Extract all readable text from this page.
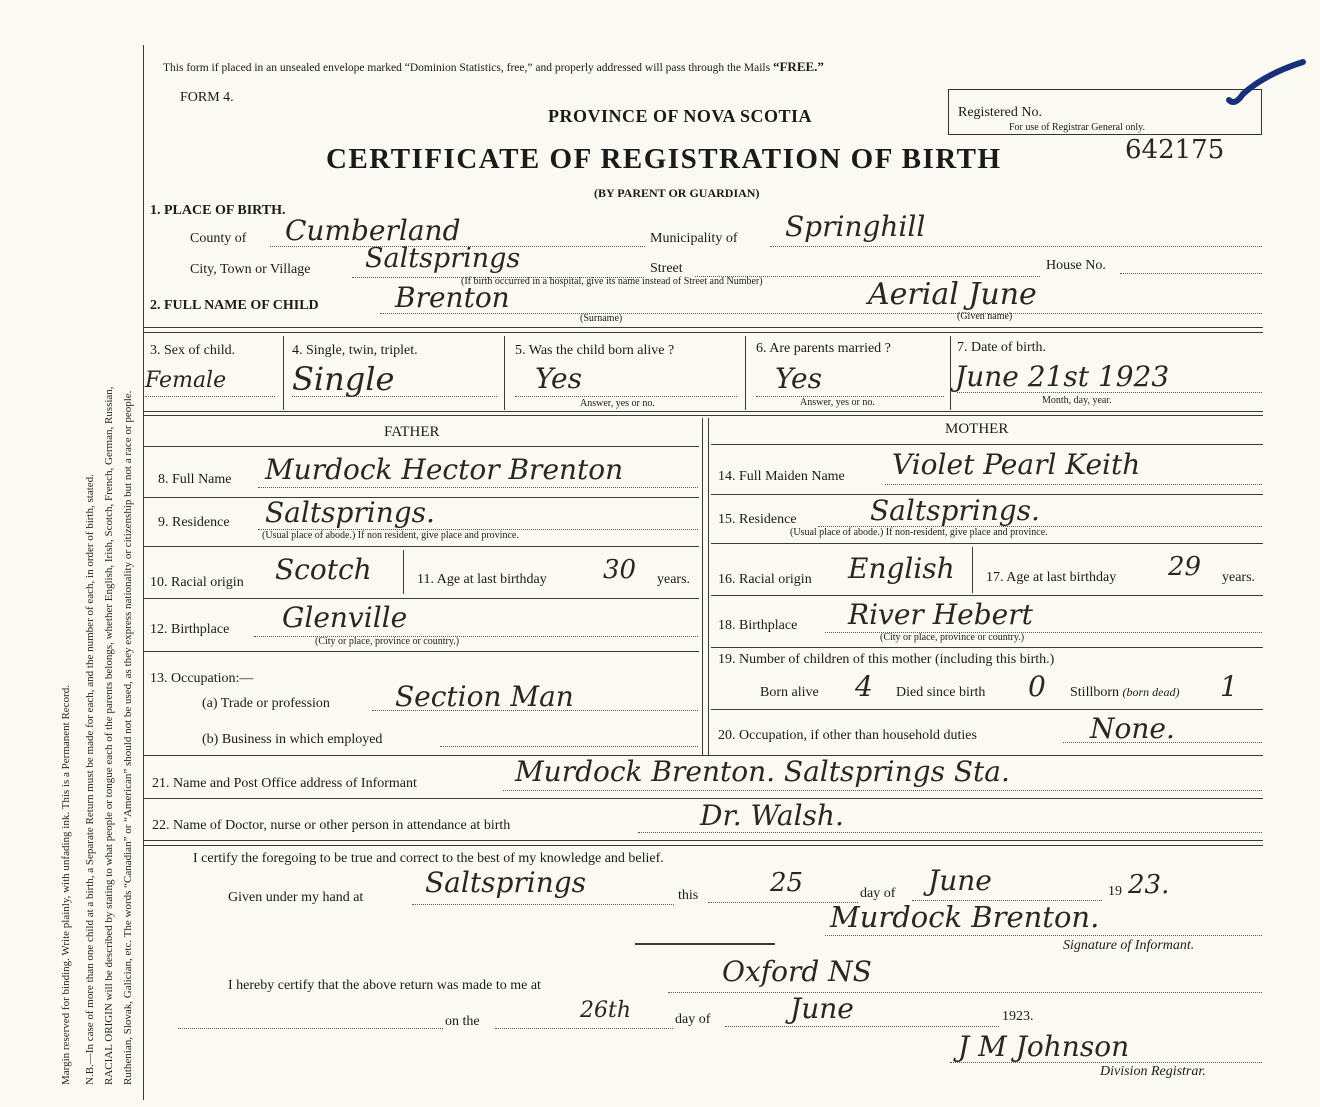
Margin reserved for binding. Write plainly, with unfading ink. This is a Permanent Record. N.B.—In case of more than one child at a birth, a Separate Return must be made for each, and the number of each, in order of birth, stated. RACIAL ORIGIN will be described by stating to what people or tongue each of the parents belongs, whether English, Irish, Scotch, French, German, Russian, Ruthenian, Slovak, Galician, etc. The words “Canadian” or “American” should not be used, as they express nationality or citizenship but not a race or people.
This form if placed in an unsealed envelope marked “Dominion Statistics, free,” and properly addressed will pass through the Mails “FREE.”
FORM 4.
PROVINCE OF NOVA SCOTIA
CERTIFICATE OF REGISTRATION OF BIRTH
(BY PARENT OR GUARDIAN)
Registered No.
For use of Registrar General only.
642175
1. PLACE OF BIRTH.
County of Cumberland	Municipality of Springhill
City, Town or Village Saltsprings	Street	House No.
(If birth occurred in a hospital, give its name instead of Street and Number)
2. FULL NAME OF CHILD	Brenton
(Surname)
Aerial June
(Given name)
3. Sex of child.
Female
4. Single, twin, triplet.
Single
5. Was the child born alive ?
Yes
Answer, yes or no.
6. Are parents married ?
Yes
Answer, yes or no.
7. Date of birth.
June 21st 1923
Month, day, year.
FATHER	MOTHER
8. Full Name Murdock Hector Brenton
9. Residence Saltsprings.
(Usual place of abode.) If non resident, give place and province.
10. Racial origin Scotch	11. Age at last birthday 30 years.
12. Birthplace Glenville
(City or place, province or country.)
13. Occupation:—
(a) Trade or profession Section Man
(b) Business in which employed
14. Full Maiden Name Violet Pearl Keith
15. Residence	Saltsprings.
(Usual place of abode.) If non-resident, give place and province.
16. Racial origin English 17. Age at last birthday 29 years.
18. Birthplace River Hebert
(City or place, province or country.)
19. Number of children of this mother (including this birth.)
Born alive 4 Died since birth 0 Stillborn (born dead) 1
20. Occupation, if other than household duties	None.
21. Name and Post Office address of Informant	Murdock Brenton. Saltsprings Sta.
22. Name of Doctor, nurse or other person in attendance at birth	Dr. Walsh.
I certify the foregoing to be true and correct to the best of my knowledge and belief.
Given under my hand at Saltsprings	this	25	day of June	19 23.
Murdock Brenton.
Signature of Informant.
I hereby certify that the above return was made to me at	Oxford NS
on the	26th	day of	June	1923.
J M Johnson
Division Registrar.
